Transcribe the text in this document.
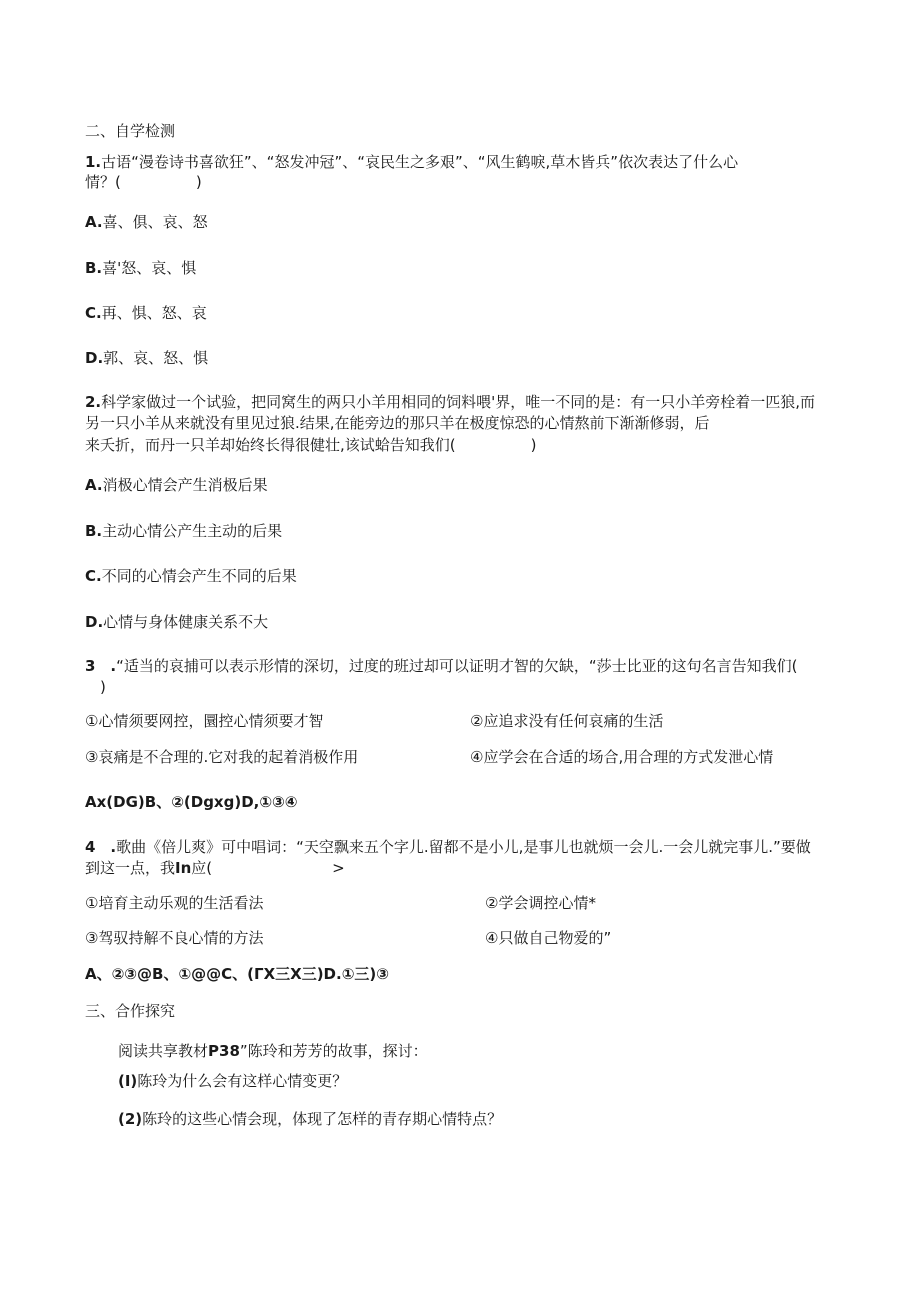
二、自学检测
1.古语“漫卷诗书喜欲狂”、“怒发冲冠”、“哀民生之多艰”、“风生鹤唳,草木皆兵”依次表达了什么心
情？(　　　　　)
A.喜、俱、哀、怒
B.喜'怒、哀、惧
C.再、惧、怒、哀
D.郭、哀、怒、惧
2.科学家做过一个试验，把同窝生的两只小羊用相同的饲料喂'界，唯一不同的是：有一只小羊旁栓着一匹狼,而
另一只小羊从来就没有里见过狼.结果,在能旁边的那只羊在极度惊恐的心情熬前下渐渐修弱，后
来夭折，而丹一只羊却始终长得很健壮,该试蛤告知我们(　　　　　)
A.消极心情会产生消极后果
B.主动心情公产生主动的后果
C.不同的心情会产生不同的后果
D.心情与身体健康关系不大
3　.“适当的哀捕可以表示形情的深切，过度的班过却可以证明才智的欠缺，“莎士比亚的这句名言告知我们(
　)
①心情须要网控，圜控心情须要才智	②应追求没有任何哀痛的生活
③哀痛是不合理的.它对我的起着消极作用	④应学会在合适的场合,用合理的方式发泄心情
Ax(DG)B、②(Dgxg)D,①③④
4　.歌曲《倍儿爽》可中唱词：“天空飘来五个字儿.留都不是小儿,是事儿也就烦一会儿.一会儿就完事儿.”要做
到这一点，我In应(　　　　　　　　>
①培育主动乐观的生活看法	②学会调控心情*
③驾驭持解不良心情的方法	④只做自己物爱的”
A、②③@B、①@@C、(ΓX三X三)D.①三)③
三、合作探究
阅读共享教材P38”陈玲和芳芳的故事，探讨：
(I)陈玲为什么会有这样心情变更？
(2)陈玲的这些心情会现，体现了怎样的青存期心情特点？
